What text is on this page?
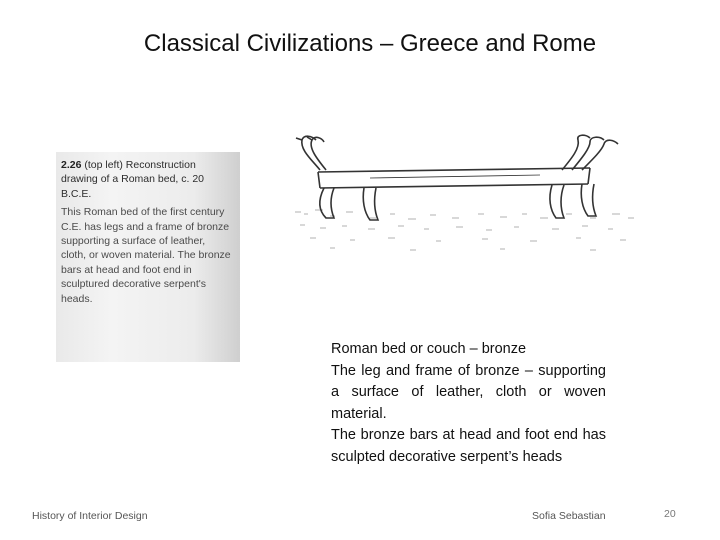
Classical Civilizations – Greece and Rome
2.26 (top left) Reconstruction drawing of a Roman bed, c. 20 B.C.E.
This Roman bed of the first century C.E. has legs and a frame of bronze supporting a surface of leather, cloth, or woven material. The bronze bars at head and foot end in sculptured decorative serpent's heads.
Roman bed or couch – bronze
The leg and frame of bronze – supporting a surface of leather, cloth or woven material.
The bronze bars at head and foot end has sculpted decorative serpent’s heads
History of Interior Design	Sofia Sebastian	20
